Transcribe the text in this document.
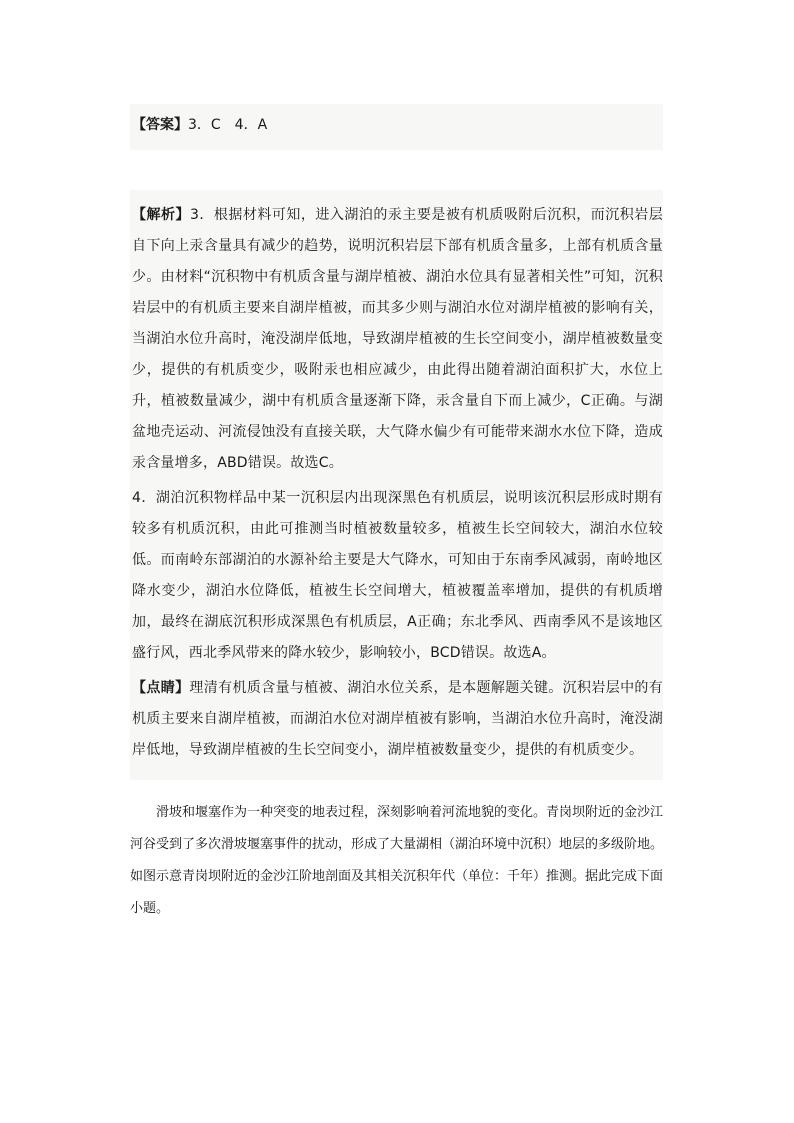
【答案】3．C　4．A

【解析】3．根据材料可知，进入湖泊的汞主要是被有机质吸附后沉积，而沉积岩层自下向上汞含量具有减少的趋势，说明沉积岩层下部有机质含量多，上部有机质含量少。由材料“沉积物中有机质含量与湖岸植被、湖泊水位具有显著相关性”可知，沉积岩层中的有机质主要来自湖岸植被，而其多少则与湖泊水位对湖岸植被的影响有关，当湖泊水位升高时，淹没湖岸低地，导致湖岸植被的生长空间变小，湖岸植被数量变少，提供的有机质变少，吸附汞也相应减少，由此得出随着湖泊面积扩大，水位上升，植被数量减少，湖中有机质含量逐渐下降，汞含量自下而上减少，C正确。与湖盆地壳运动、河流侵蚀没有直接关联，大气降水偏少有可能带来湖水水位下降，造成汞含量增多，ABD错误。故选C。

4．湖泊沉积物样品中某一沉积层内出现深黑色有机质层，说明该沉积层形成时期有较多有机质沉积，由此可推测当时植被数量较多，植被生长空间较大，湖泊水位较低。而南岭东部湖泊的水源补给主要是大气降水，可知由于东南季风减弱，南岭地区降水变少，湖泊水位降低，植被生长空间增大，植被覆盖率增加，提供的有机质增加，最终在湖底沉积形成深黑色有机质层，A正确；东北季风、西南季风不是该地区盛行风，西北季风带来的降水较少，影响较小，BCD错误。故选A。

【点睛】理清有机质含量与植被、湖泊水位关系，是本题解题关键。沉积岩层中的有机质主要来自湖岸植被，而湖泊水位对湖岸植被有影响，当湖泊水位升高时，淹没湖岸低地，导致湖岸植被的生长空间变小，湖岸植被数量变少，提供的有机质变少。

滑坡和堰塞作为一种突变的地表过程，深刻影响着河流地貌的变化。青岗坝附近的金沙江河谷受到了多次滑坡堰塞事件的扰动，形成了大量湖相（湖泊环境中沉积）地层的多级阶地。如图示意青岗坝附近的金沙江阶地剖面及其相关沉积年代（单位：千年）推测。据此完成下面小题。
